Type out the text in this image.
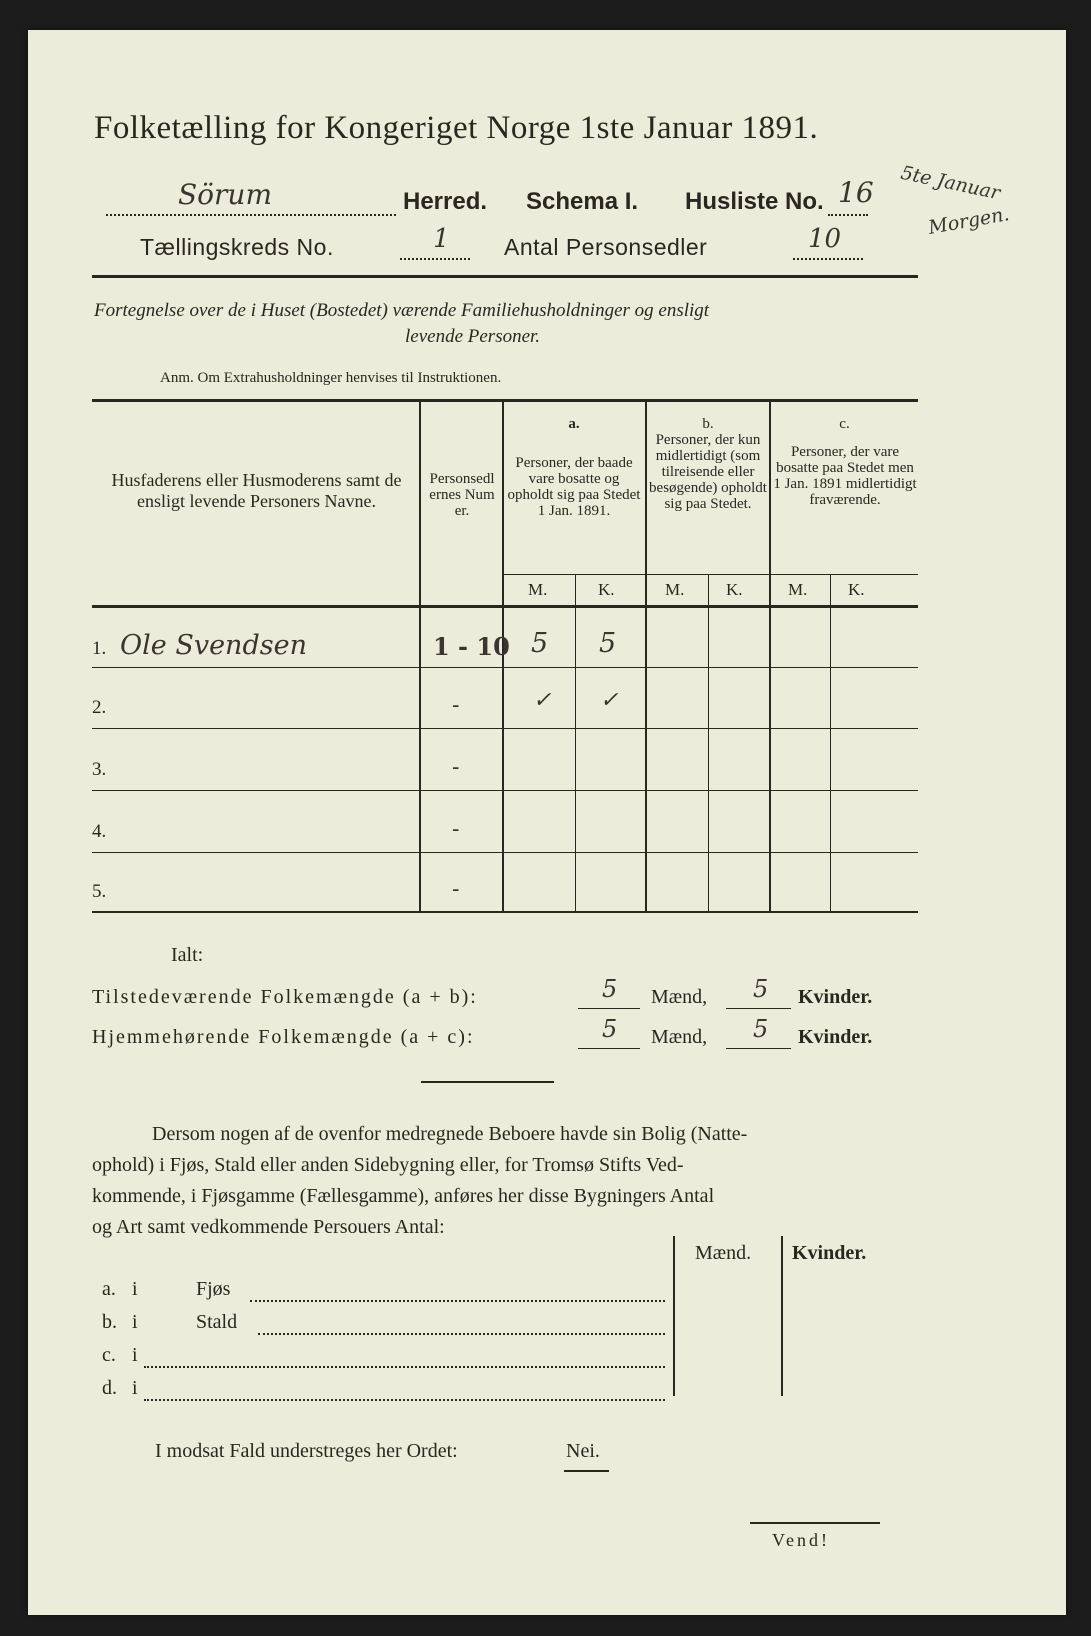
Folketælling for Kongeriget Norge 1ste Januar 1891.
Sörum	Herred. Schema I. Husliste No. 16 5te Januar
Morgen.
Tællingskreds No.	1 Antal Personsedler	10
Fortegnelse over de i Huset (Bostedet) værende Familiehusholdninger og ensligt
levende Personer.
Anm. Om Extrahusholdninger henvises til Instruktionen.
Husfaderens eller Husmoderens samt de ensligt levende Personers Navne.
Personsedlernes Numer.
a.
Personer, der baade vare bosatte og opholdt sig paa Stedet 1 Jan. 1891.
b.
Personer, der kun midlertidigt (som tilreisende eller besøgende) opholdt sig paa Stedet.
c.
Personer, der vare bosatte paa Stedet men 1 Jan. 1891 midlertidigt fraværende.
M.	K.	M. K.	M. K.
1. Ole Svendsen	1 - 10 5 5
2.	-	✓ ✓
3.	-
4.	-
5.	-
Ialt:
Tilstedeværende Folkemængde (a + b):	5 Mænd, 5 Kvinder.
Hjemmehørende Folkemængde (a + c):	5 Mænd, 5 Kvinder.
Dersom nogen af de ovenfor medregnede Beboere havde sin Bolig (Natte-
ophold) i Fjøs, Stald eller anden Sidebygning eller, for Tromsø Stifts Ved-
kommende, i Fjøsgamme (Fællesgamme), anføres her disse Bygningers Antal
og Art samt vedkommende Persouers Antal:
Mænd. Kvinder.
a. i	Fjøs
b. i	Stald
c. i
d. i
I modsat Fald understreges her Ordet:	Nei.
Vend!
